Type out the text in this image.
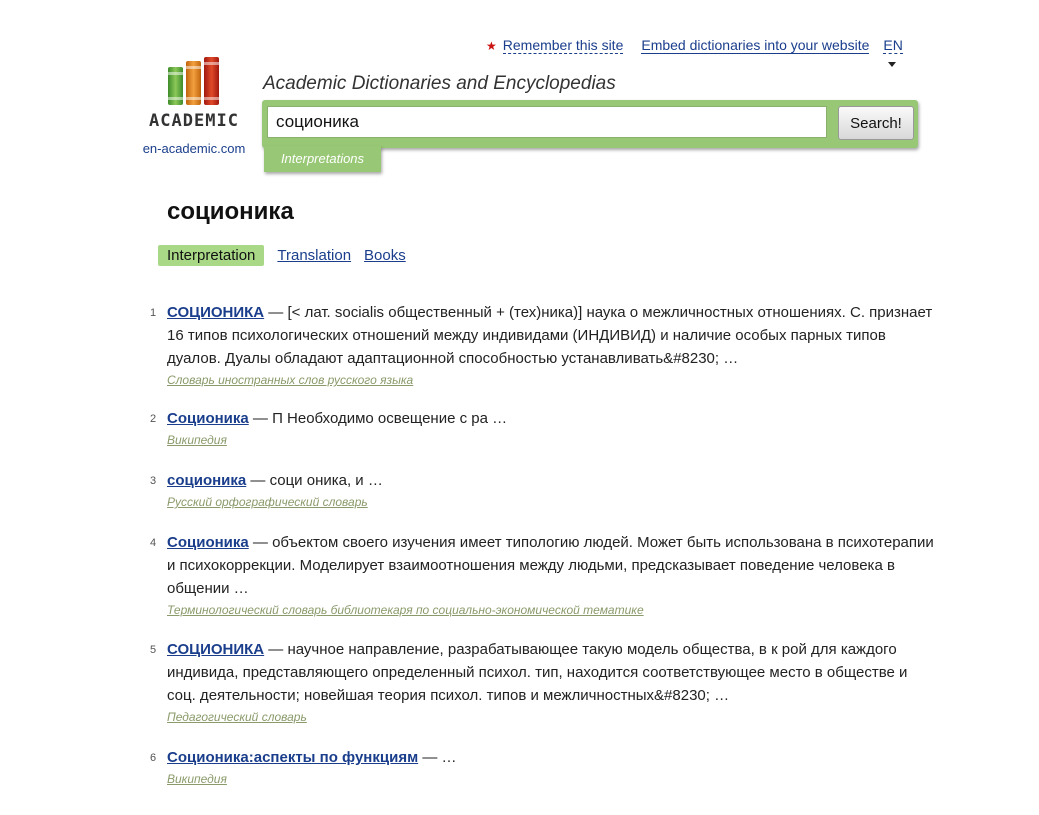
★ Remember this site Embed dictionaries into your website EN
ACADEMIC
en-academic.com
Academic Dictionaries and Encyclopedias
соционика	Search!
Interpretations
соционика
Interpretation Translation Books
1 СОЦИОНИКА — [< лат. socialis общественный + (тех)ника)] наука о межличностных отношениях. С. признает 16 типов психологических отношений между индивидами (ИНДИВИД) и наличие особых парных типов дуалов. Дуалы обладают адаптационной способностью устанавливать&#8230; …
Словарь иностранных слов русского языка
2 Соционика — П Необходимо освещение с ра …
Википедия
3 соционика — соци оника, и …
Русский орфографический словарь
4 Соционика — объектом своего изучения имеет типологию людей. Может быть использована в психотерапии и психокоррекции. Моделирует взаимоотношения между людьми, предсказывает поведение человека в общении …
Терминологический словарь библиотекаря по социально-экономической тематике
5 СОЦИОНИКА — научное направление, разрабатывающее такую модель общества, в к рой для каждого индивида, представляющего определенный психол. тип, находится соответствующее место в обществе и соц. деятельности; новейшая теория психол. типов и межличностных&#8230; …
Педагогический словарь
6 Соционика:аспекты по функциям — …
Википедия
